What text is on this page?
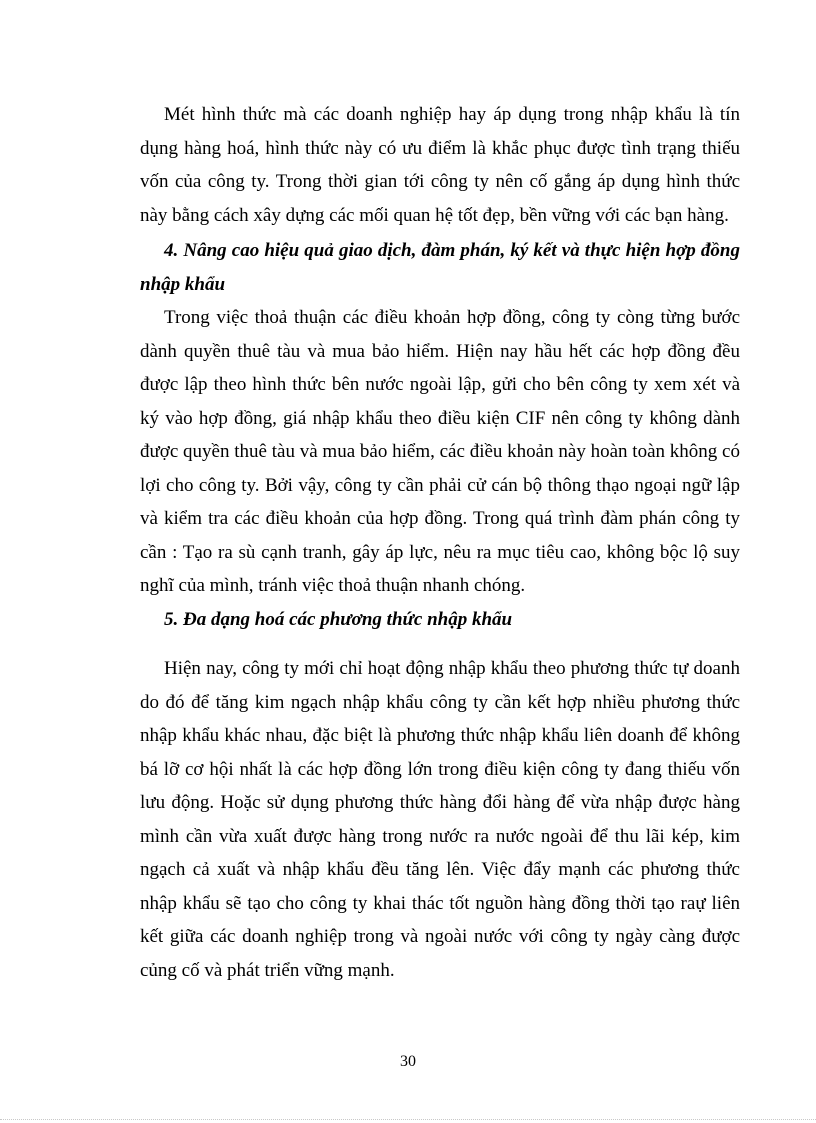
Mét hình thức mà các doanh nghiệp hay áp dụng trong nhập khẩu là tín dụng hàng hoá, hình thức này có ưu điểm là khắc phục được tình trạng thiếu vốn của công ty. Trong thời gian tới công ty nên cố gắng áp dụng hình thức này bằng cách xây dựng các mối quan hệ tốt đẹp, bền vững với các bạn hàng.

4. Nâng cao hiệu quả giao dịch, đàm phán, ký kết và thực hiện hợp đồng nhập khẩu

Trong việc thoả thuận các điều khoản hợp đồng, công ty còng từng bước dành quyền thuê tàu và mua bảo hiểm. Hiện nay hầu hết các hợp đồng đều được lập theo hình thức bên nước ngoài lập, gửi cho bên công ty xem xét và ký vào hợp đồng, giá nhập khẩu theo điều kiện CIF nên công ty không dành được quyền thuê tàu và mua bảo hiểm, các điều khoản này hoàn toàn không có lợi cho công ty. Bởi vậy, công ty cần phải cử cán bộ thông thạo ngoại ngữ lập và kiểm tra các điều khoản của hợp đồng. Trong quá trình đàm phán công ty cần : Tạo ra sù cạnh tranh, gây áp lực, nêu ra mục tiêu cao, không bộc lộ suy nghĩ của mình, tránh việc thoả thuận nhanh chóng.

5. Đa dạng hoá các phương thức nhập khẩu

Hiện nay, công ty mới chỉ hoạt động nhập khẩu theo phương thức tự doanh do đó để tăng kim ngạch nhập khẩu công ty cần kết hợp nhiều phương thức nhập khẩu khác nhau, đặc biệt là phương thức nhập khẩu liên doanh để không bá lỡ cơ hội nhất là các hợp đồng lớn trong điều kiện công ty đang thiếu vốn lưu động. Hoặc sử dụng phương thức hàng đổi hàng để vừa nhập được hàng mình cần vừa xuất được hàng trong nước ra nước ngoài để thu lãi kép, kim ngạch cả xuất và nhập khẩu đều tăng lên. Việc đẩy mạnh các phương thức nhập khẩu sẽ tạo cho công ty khai thác tốt nguồn hàng đồng thời tạo raự liên kết giữa các doanh nghiệp trong và ngoài nước với công ty ngày càng được củng cố và phát triển vững mạnh.

30
